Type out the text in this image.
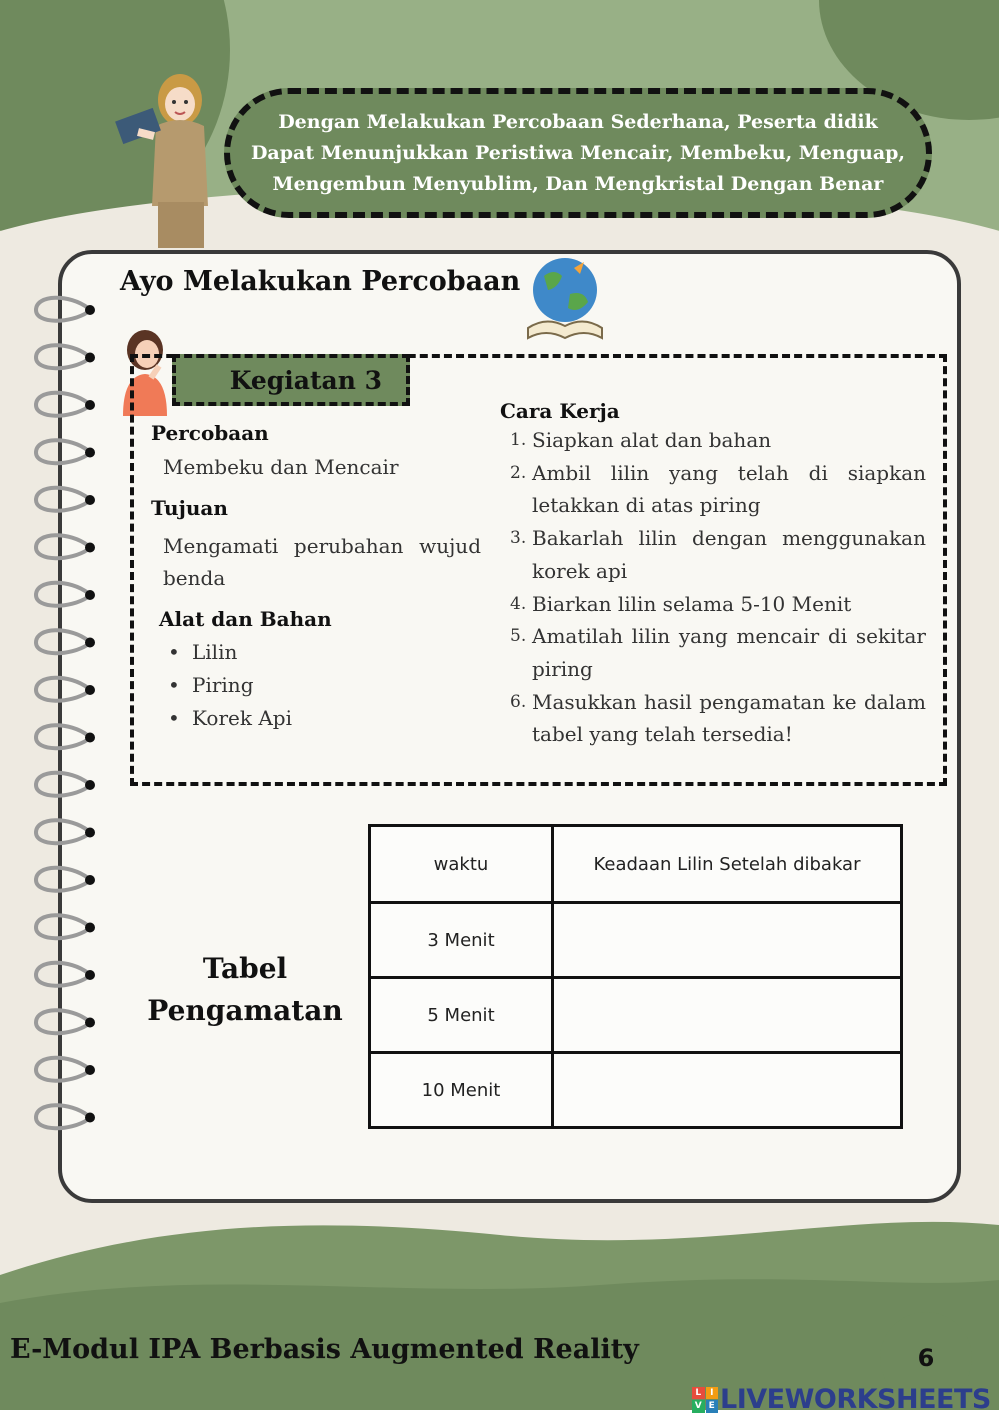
Dengan Melakukan Percobaan Sederhana, Peserta didik Dapat Menunjukkan Peristiwa Mencair, Membeku, Menguap, Mengembun Menyublim, Dan Mengkristal Dengan Benar
Ayo Melakukan Percobaan
Kegiatan 3
Percobaan
Membeku dan Mencair
Tujuan
Mengamati perubahan wujud benda
Alat dan Bahan
• Lilin
• Piring
• Korek Api
Cara Kerja
1. Siapkan alat dan bahan
2. Ambil lilin yang telah di siapkan letakkan di atas piring
3. Bakarlah lilin dengan menggunakan korek api
4. Biarkan lilin selama 5-10 Menit
5. Amatilah lilin yang mencair di sekitar piring
6. Masukkan hasil pengamatan ke dalam tabel yang telah tersedia!
Tabel
Pengamatan
waktu	Keadaan Lilin Setelah dibakar
3 Menit	
5 Menit	
10 Menit	
E-Modul IPA Berbasis Augmented Reality	6
L I
V E LIVEWORKSHEETS
